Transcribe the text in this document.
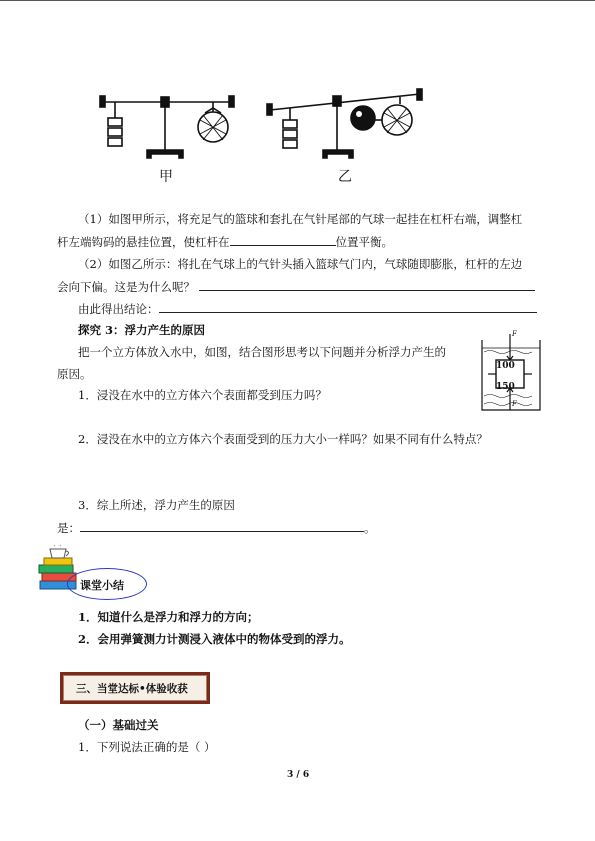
甲	乙
（1）如图甲所示，将充足气的篮球和套扎在气针尾部的气球一起挂在杠杆右端，调整杠
杆左端钩码的悬挂位置，使杠杆在	位置平衡。
（2）如图乙所示：将扎在气球上的气针头插入篮球气门内，气球随即膨胀，杠杆的左边
会向下偏。这是为什么呢？
由此得出结论：
探究 3：浮力产生的原因
把一个立方体放入水中，如图，结合图形思考以下问题并分析浮力产生的
原因。
F
F
100
150
1．浸没在水中的立方体六个表面都受到压力吗？
2．浸没在水中的立方体六个表面受到的压力大小一样吗？如果不同有什么特点？
3．综上所述，浮力产生的原因
是：	。
课堂小结
1．知道什么是浮力和浮力的方向；
2．会用弹簧测力计测浸入液体中的物体受到的浮力。
三、当堂达标•体验收获
（一）基础过关
1．下列说法正确的是（ ）
3 / 6
